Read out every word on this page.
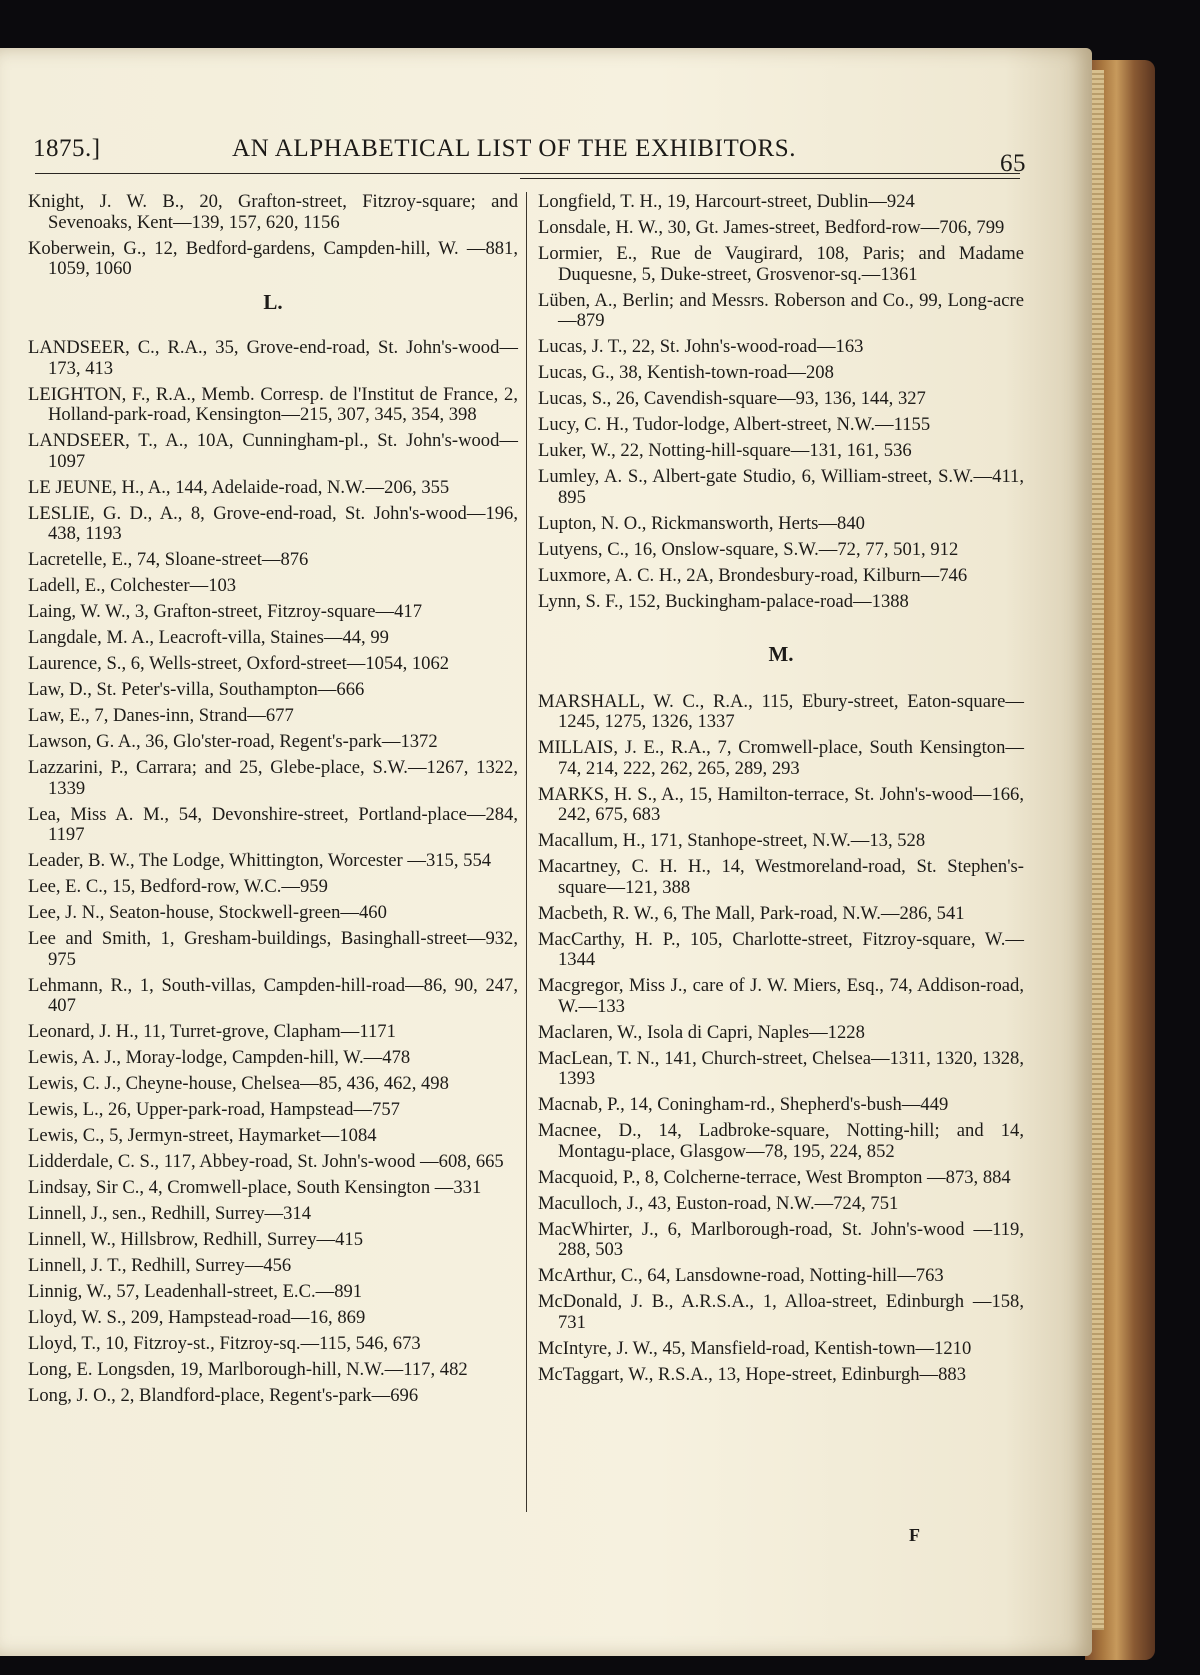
1875.]	AN ALPHABETICAL LIST OF THE EXHIBITORS.
65

Knight, J. W. B., 20, Grafton-street, Fitzroy-square; and Sevenoaks, Kent—139, 157, 620, 1156

Koberwein, G., 12, Bedford-gardens, Campden-hill, W. —881, 1059, 1060

L.

LANDSEER, C., R.A., 35, Grove-end-road, St. John's-wood—173, 413

LEIGHTON, F., R.A., Memb. Corresp. de l'Institut de France, 2, Holland-park-road, Kensington—215, 307, 345, 354, 398

LANDSEER, T., A., 10A, Cunningham-pl., St. John's-wood—1097

LE JEUNE, H., A., 144, Adelaide-road, N.W.—206, 355

LESLIE, G. D., A., 8, Grove-end-road, St. John's-wood—196, 438, 1193

Lacretelle, E., 74, Sloane-street—876

Ladell, E., Colchester—103

Laing, W. W., 3, Grafton-street, Fitzroy-square—417

Langdale, M. A., Leacroft-villa, Staines—44, 99

Laurence, S., 6, Wells-street, Oxford-street—1054, 1062

Law, D., St. Peter's-villa, Southampton—666

Law, E., 7, Danes-inn, Strand—677

Lawson, G. A., 36, Glo'ster-road, Regent's-park—1372

Lazzarini, P., Carrara; and 25, Glebe-place, S.W.—1267, 1322, 1339

Lea, Miss A. M., 54, Devonshire-street, Portland-place—284, 1197

Leader, B. W., The Lodge, Whittington, Worcester —315, 554

Lee, E. C., 15, Bedford-row, W.C.—959

Lee, J. N., Seaton-house, Stockwell-green—460

Lee and Smith, 1, Gresham-buildings, Basinghall-street—932, 975

Lehmann, R., 1, South-villas, Campden-hill-road—86, 90, 247, 407

Leonard, J. H., 11, Turret-grove, Clapham—1171

Lewis, A. J., Moray-lodge, Campden-hill, W.—478

Lewis, C. J., Cheyne-house, Chelsea—85, 436, 462, 498

Lewis, L., 26, Upper-park-road, Hampstead—757

Lewis, C., 5, Jermyn-street, Haymarket—1084

Lidderdale, C. S., 117, Abbey-road, St. John's-wood —608, 665

Lindsay, Sir C., 4, Cromwell-place, South Kensington —331

Linnell, J., sen., Redhill, Surrey—314

Linnell, W., Hillsbrow, Redhill, Surrey—415

Linnell, J. T., Redhill, Surrey—456

Linnig, W., 57, Leadenhall-street, E.C.—891

Lloyd, W. S., 209, Hampstead-road—16, 869

Lloyd, T., 10, Fitzroy-st., Fitzroy-sq.—115, 546, 673

Long, E. Longsden, 19, Marlborough-hill, N.W.—117, 482

Long, J. O., 2, Blandford-place, Regent's-park—696

Longfield, T. H., 19, Harcourt-street, Dublin—924

Lonsdale, H. W., 30, Gt. James-street, Bedford-row—706, 799

Lormier, E., Rue de Vaugirard, 108, Paris; and Madame Duquesne, 5, Duke-street, Grosvenor-sq.—1361

Lüben, A., Berlin; and Messrs. Roberson and Co., 99, Long-acre—879

Lucas, J. T., 22, St. John's-wood-road—163

Lucas, G., 38, Kentish-town-road—208

Lucas, S., 26, Cavendish-square—93, 136, 144, 327

Lucy, C. H., Tudor-lodge, Albert-street, N.W.—1155

Luker, W., 22, Notting-hill-square—131, 161, 536

Lumley, A. S., Albert-gate Studio, 6, William-street, S.W.—411, 895

Lupton, N. O., Rickmansworth, Herts—840

Lutyens, C., 16, Onslow-square, S.W.—72, 77, 501, 912

Luxmore, A. C. H., 2A, Brondesbury-road, Kilburn—746

Lynn, S. F., 152, Buckingham-palace-road—1388

M.

MARSHALL, W. C., R.A., 115, Ebury-street, Eaton-square—1245, 1275, 1326, 1337

MILLAIS, J. E., R.A., 7, Cromwell-place, South Kensington—74, 214, 222, 262, 265, 289, 293

MARKS, H. S., A., 15, Hamilton-terrace, St. John's-wood—166, 242, 675, 683

Macallum, H., 171, Stanhope-street, N.W.—13, 528

Macartney, C. H. H., 14, Westmoreland-road, St. Stephen's-square—121, 388

Macbeth, R. W., 6, The Mall, Park-road, N.W.—286, 541

MacCarthy, H. P., 105, Charlotte-street, Fitzroy-square, W.—1344

Macgregor, Miss J., care of J. W. Miers, Esq., 74, Addison-road, W.—133

Maclaren, W., Isola di Capri, Naples—1228

MacLean, T. N., 141, Church-street, Chelsea—1311, 1320, 1328, 1393

Macnab, P., 14, Coningham-rd., Shepherd's-bush—449

Macnee, D., 14, Ladbroke-square, Notting-hill; and 14, Montagu-place, Glasgow—78, 195, 224, 852

Macquoid, P., 8, Colcherne-terrace, West Brompton —873, 884

Maculloch, J., 43, Euston-road, N.W.—724, 751

MacWhirter, J., 6, Marlborough-road, St. John's-wood —119, 288, 503

McArthur, C., 64, Lansdowne-road, Notting-hill—763

McDonald, J. B., A.R.S.A., 1, Alloa-street, Edinburgh —158, 731

McIntyre, J. W., 45, Mansfield-road, Kentish-town—1210

McTaggart, W., R.S.A., 13, Hope-street, Edinburgh—883

F
